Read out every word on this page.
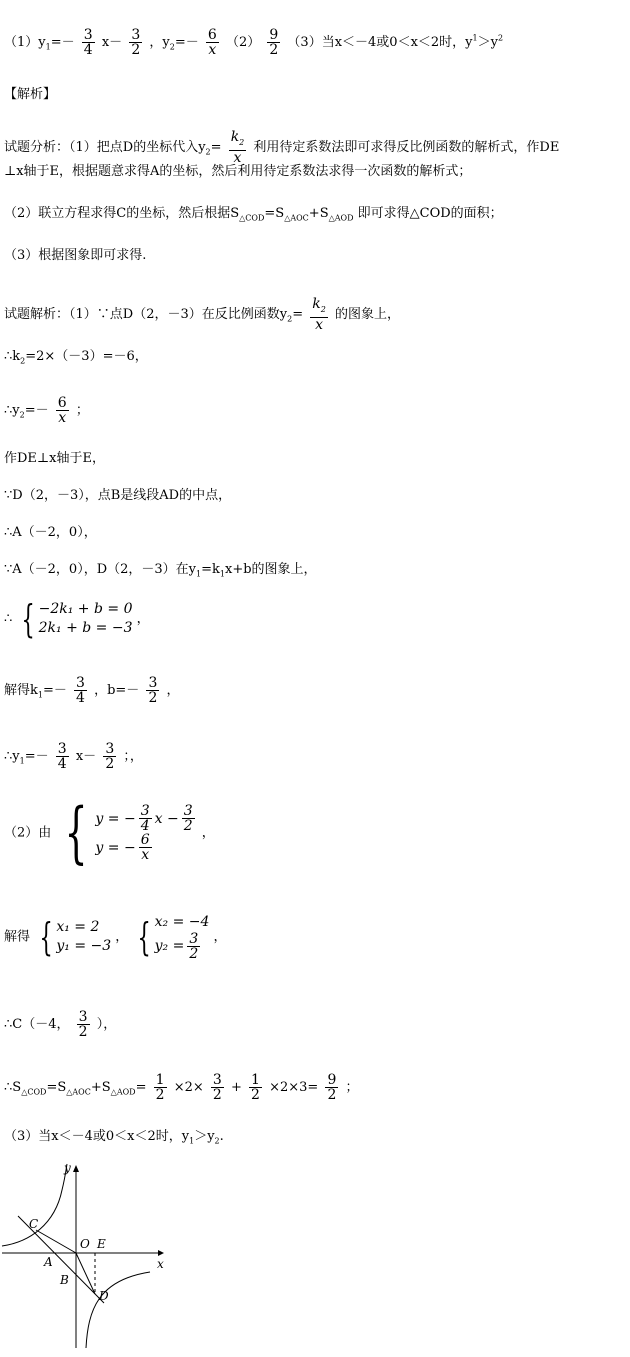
$(1)y_1=- \frac{3}{4} x- \frac{3}{2}$ ，$y_2=- \frac{6}{x} (2) \frac{9}{2} (3)$当x＜－4或0＜x＜2时，$y^1>y^2$
【解析】
试题分析：（1）把点D的坐标代入$y_2= \frac{k_2}{x}$ 利用待定系数法即可求得反比例函数的解析式，作DE
⊥x轴于E，根据题意求得A的坐标，然后利用待定系数法求得一次函数的解析式；
（2）联立方程求得C的坐标，然后根据$S_{\triangle COD}=S_{\triangle AOC}+S_{\triangle AOD}$ 即可求得△COD的面积；
（3）根据图象即可求得.
试题解析：（1）∵点D（2，－3）在反比例函数$y_2= \frac{k_2}{x}$ 的图象上，
$\therefore k_2=2\times(-3)=-6$，
$\therefore y_2=- \frac{6}{x}$ ；
作DE⊥x轴于E，
∵D（2，－3），点B是线段AD的中点，
∴A（－2，0），
∵A（－2，0），D（2，－3）在$y_1=k_1x+b$的图象上，
∴ { −2k₁ + b = 0
2k₁ + b = −3
，
解得$k_1=- \frac{3}{4}$ ，$b=- \frac{3}{2}$ ，
$\therefore y_1=- \frac{3}{4} x- \frac{3}{2}$ ；，
（2）由 { y = − $\frac{3}{4}$ $x - \frac{3}{2}$
y = − $\frac{6}{x}$	，
解得 { x₁ = 2
y₁ = −3
， { x₂ = −4
$y_2 = \frac{3}{2}$ ，
∴C（－4， $\frac{3}{2}$ ），
$\therefore S_{\triangle COD}=S_{\triangle AOC}+S_{\triangle AOD}= \frac{1}{2} \times 2\times \frac{3}{2} + \frac{1}{2} \times 2\times 3= \frac{9}{2}$ ；
（3）当x＜－4或0＜x＜2时，$y_1>y_2$.
y
x
O E
C
A
B
D
